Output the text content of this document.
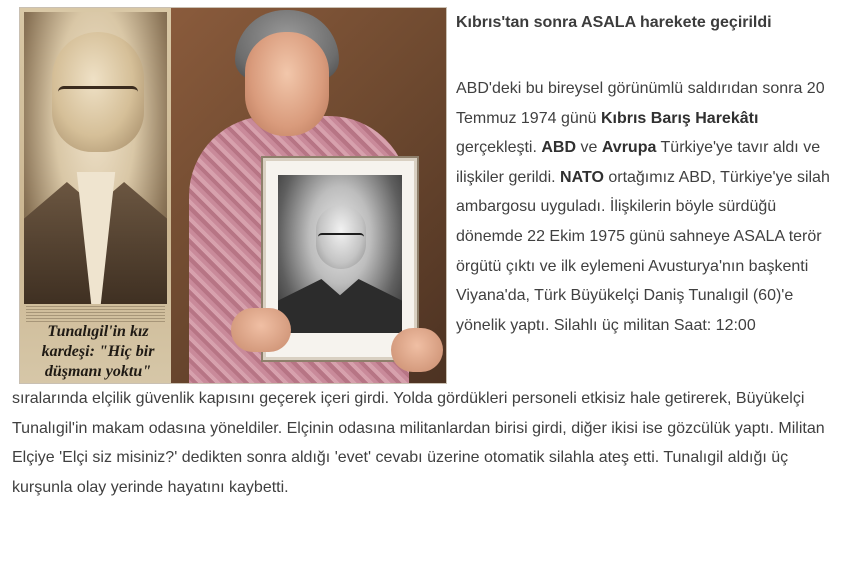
Tunalıgil'in kız kardeşi: "Hiç bir düşmanı yoktu"

Kıbrıs'tan sonra ASALA harekete geçirildi

ABD'deki bu bireysel görünümlü saldırıdan sonra 20 Temmuz 1974 günü Kıbrıs Barış Harekâtı gerçekleşti. ABD ve Avrupa Türkiye'ye tavır aldı ve ilişkiler gerildi. NATO ortağımız ABD, Türkiye'ye silah ambargosu uyguladı. İlişkilerin böyle sürdüğü dönemde 22 Ekim 1975 günü sahneye ASALA terör örgütü çıktı ve ilk eylemeni Avusturya'nın başkenti Viyana'da, Türk Büyükelçi Daniş Tunalıgil (60)'e yönelik yaptı. Silahlı üç militan Saat: 12:00

sıralarında elçilik güvenlik kapısını geçerek içeri girdi. Yolda gördükleri personeli etkisiz hale getirerek, Büyükelçi Tunalıgil'in makam odasına yöneldiler. Elçinin odasına militanlardan birisi girdi, diğer ikisi ise gözcülük yaptı. Militan Elçiye 'Elçi siz misiniz?' dedikten sonra aldığı 'evet' cevabı üzerine otomatik silahla ateş etti. Tunalıgil aldığı üç kurşunla olay yerinde hayatını kaybetti.
